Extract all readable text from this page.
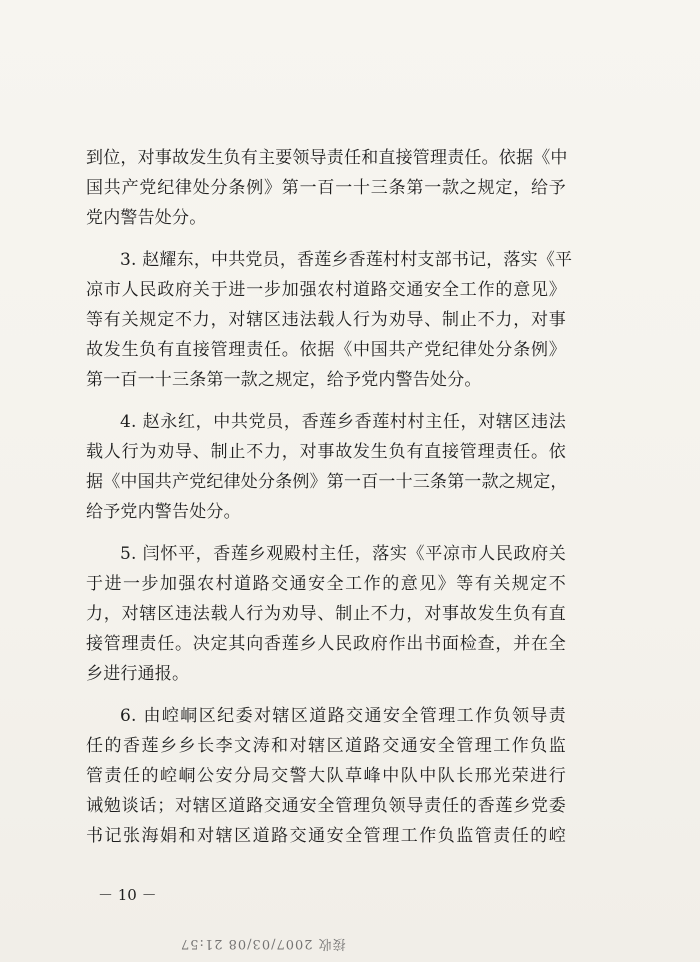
到位，对事故发生负有主要领导责任和直接管理责任。依据《中
国共产党纪律处分条例》第一百一十三条第一款之规定，给予
党内警告处分。
3. 赵耀东，中共党员，香莲乡香莲村村支部书记，落实《平
凉市人民政府关于进一步加强农村道路交通安全工作的意见》
等有关规定不力，对辖区违法载人行为劝导、制止不力，对事
故发生负有直接管理责任。依据《中国共产党纪律处分条例》
第一百一十三条第一款之规定，给予党内警告处分。
4. 赵永红，中共党员，香莲乡香莲村村主任，对辖区违法
载人行为劝导、制止不力，对事故发生负有直接管理责任。依
据《中国共产党纪律处分条例》第一百一十三条第一款之规定，
给予党内警告处分。
5. 闫怀平，香莲乡观殿村主任，落实《平凉市人民政府关
于进一步加强农村道路交通安全工作的意见》等有关规定不
力，对辖区违法载人行为劝导、制止不力，对事故发生负有直
接管理责任。决定其向香莲乡人民政府作出书面检查，并在全
乡进行通报。
6. 由崆峒区纪委对辖区道路交通安全管理工作负领导责
任的香莲乡乡长李文涛和对辖区道路交通安全管理工作负监
管责任的崆峒公安分局交警大队草峰中队中队长邢光荣进行
诫勉谈话；对辖区道路交通安全管理负领导责任的香莲乡党委
书记张海娟和对辖区道路交通安全管理工作负监管责任的崆
－ 10 －
接收 2007/03/08 21:57
